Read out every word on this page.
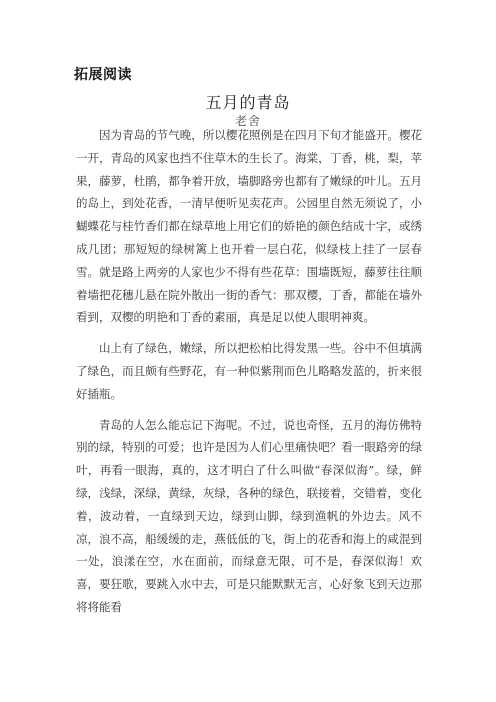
拓展阅读
五月的青岛
老舍

因为青岛的节气晚，所以樱花照例是在四月下旬才能盛开。樱花一开，青岛的风家也挡不住草木的生长了。海棠，丁香，桃，梨，苹果，藤萝，杜鹃，都争着开放，墙脚路旁也都有了嫩绿的叶儿。五月的岛上，到处花香，一清早便听见卖花声。公园里自然无须说了，小蝴蝶花与桂竹香们都在绿草地上用它们的娇艳的颜色结成十字，或绣成几团；那短短的绿树篱上也开着一层白花，似绿枝上挂了一层春雪。就是路上两旁的人家也少不得有些花草：围墙既短，藤萝往往顺着墙把花穗儿悬在院外散出一街的香气：那双樱，丁香，都能在墙外看到，双樱的明艳和丁香的素丽，真是足以使人眼明神爽。

山上有了绿色，嫩绿，所以把松柏比得发黑一些。谷中不但填满了绿色，而且颇有些野花，有一种似紫荆而色儿略略发蓝的，折来很好插瓶。

青岛的人怎么能忘记下海呢。不过，说也奇怪，五月的海仿佛特别的绿，特别的可爱；也许是因为人们心里痛快吧？看一眼路旁的绿叶，再看一眼海，真的，这才明白了什么叫做“春深似海”。绿，鲜绿，浅绿，深绿，黄绿，灰绿，各种的绿色，联接着，交错着，变化着，波动着，一直绿到天边，绿到山脚，绿到渔帆的外边去。风不凉，浪不高，船缓缓的走，燕低低的飞，街上的花香和海上的咸混到一处，浪漾在空，水在面前，而绿意无限，可不是，春深似海！欢喜，要狂歌，要跳入水中去，可是只能默默无言，心好象飞到天边那将将能看
